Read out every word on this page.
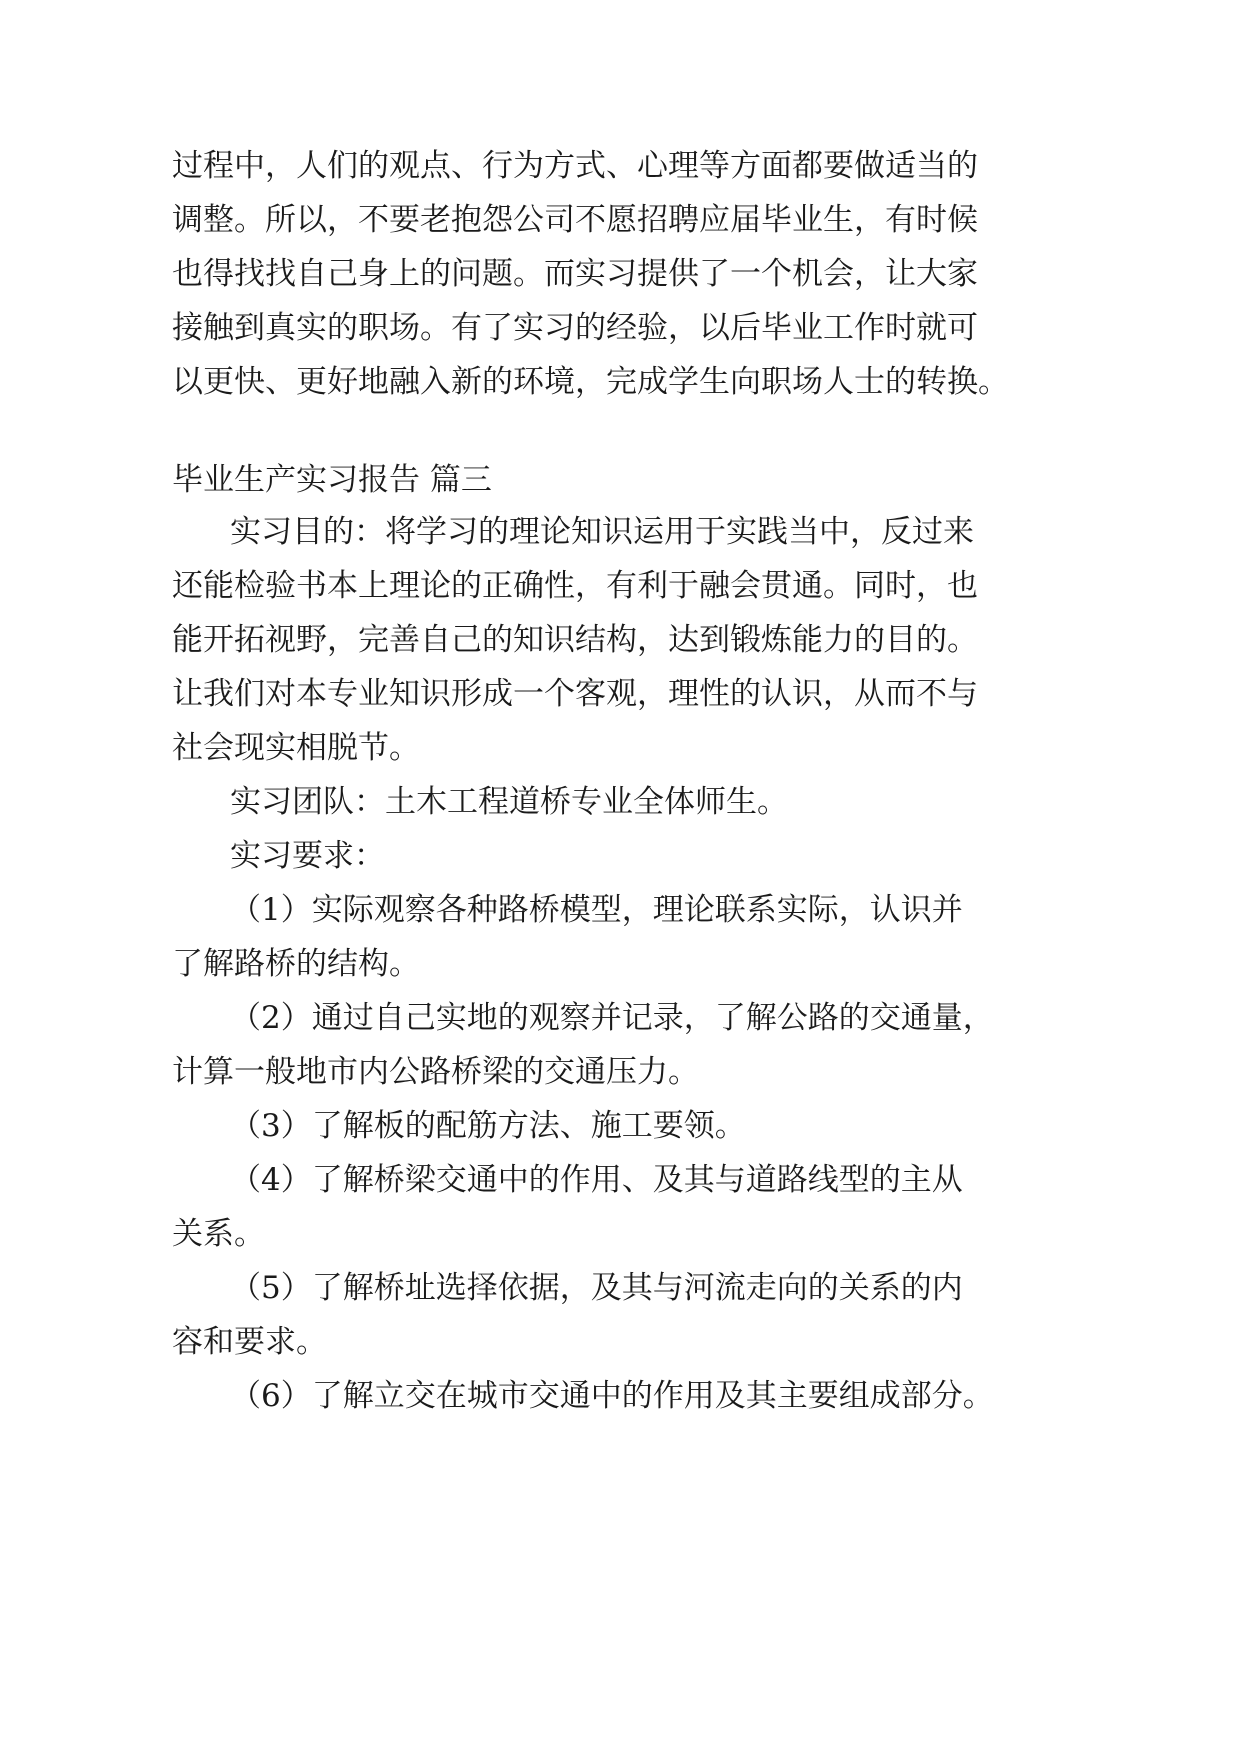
过程中，人们的观点、行为方式、心理等方面都要做适当的
调整。所以，不要老抱怨公司不愿招聘应届毕业生，有时候
也得找找自己身上的问题。而实习提供了一个机会，让大家
接触到真实的职场。有了实习的经验，以后毕业工作时就可
以更快、更好地融入新的环境，完成学生向职场人士的转换。
毕业生产实习报告 篇三
实习目的：将学习的理论知识运用于实践当中，反过来
还能检验书本上理论的正确性，有利于融会贯通。同时，也
能开拓视野，完善自己的知识结构，达到锻炼能力的目的。
让我们对本专业知识形成一个客观，理性的认识，从而不与
社会现实相脱节。
实习团队：土木工程道桥专业全体师生。
实习要求：
（1）实际观察各种路桥模型，理论联系实际，认识并
了解路桥的结构。
（2）通过自己实地的观察并记录，了解公路的交通量，
计算一般地市内公路桥梁的交通压力。
（3）了解板的配筋方法、施工要领。
（4）了解桥梁交通中的作用、及其与道路线型的主从
关系。
（5）了解桥址选择依据，及其与河流走向的关系的内
容和要求。
（6）了解立交在城市交通中的作用及其主要组成部分。
